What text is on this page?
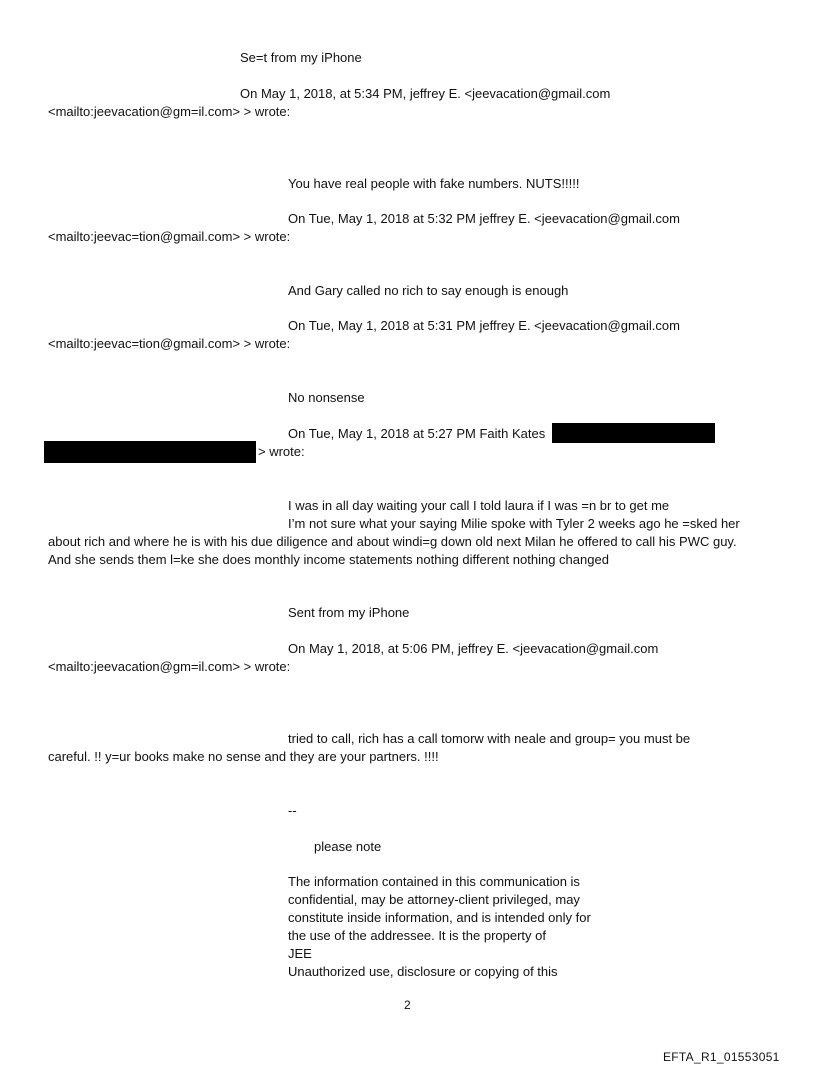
Se=t from my iPhone
On May 1, 2018, at 5:34 PM, jeffrey E. <jeevacation@gmail.com
<mailto:jeevacation@gm=il.com> > wrote:
You have real people with fake numbers. NUTS!!!!!
On Tue, May 1, 2018 at 5:32 PM jeffrey E. <jeevacation@gmail.com
<mailto:jeevac=tion@gmail.com> > wrote:
And Gary called no rich to say enough is enough
On Tue, May 1, 2018 at 5:31 PM jeffrey E. <jeevacation@gmail.com
<mailto:jeevac=tion@gmail.com> > wrote:
No nonsense
On Tue, May 1, 2018 at 5:27 PM Faith Kates
> wrote:
I was in all day waiting your call I told laura if I was =n br to get me
I’m not sure what your saying Milie spoke with Tyler 2 weeks ago he =sked her
about rich and where he is with his due diligence and about windi=g down old next Milan he offered to call his PWC guy.
And she sends them l=ke she does monthly income statements nothing different nothing changed
Sent from my iPhone
On May 1, 2018, at 5:06 PM, jeffrey E. <jeevacation@gmail.com
<mailto:jeevacation@gm=il.com> > wrote:
tried to call, rich has a call tomorw with neale and group= you must be
careful. !! y=ur books make no sense and they are your partners. !!!!
--
please note
The information contained in this communication is
confidential, may be attorney-client privileged, may
constitute inside information, and is intended only for
the use of the addressee. It is the property of
JEE
Unauthorized use, disclosure or copying of this
2
EFTA_R1_01553051
